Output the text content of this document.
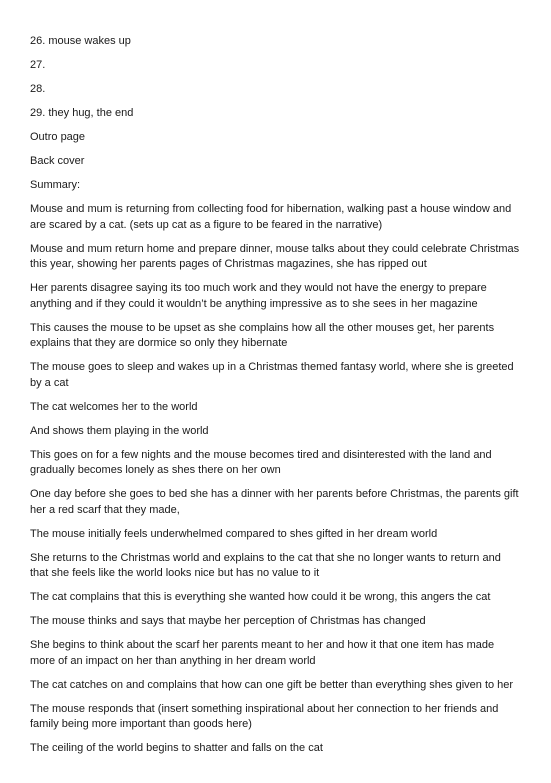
26. mouse wakes up

27.

28.

29. they hug, the end

Outro page

Back cover

Summary:

Mouse and mum is returning from collecting food for hibernation, walking past a house window and are scared by a cat. (sets up cat as a figure to be feared in the narrative)

Mouse and mum return home and prepare dinner, mouse talks about they could celebrate Christmas this year, showing her parents pages of Christmas magazines, she has ripped out

Her parents disagree saying its too much work and they would not have the energy to prepare anything and if they could it wouldn’t be anything impressive as to she sees in her magazine

This causes the mouse to be upset as she complains how all the other mouses get, her parents explains that they are dormice so only they hibernate

The mouse goes to sleep and wakes up in a Christmas themed fantasy world, where she is greeted by a cat

The cat welcomes her to the world

And shows them playing in the world

This goes on for a few nights and the mouse becomes tired and disinterested with the land and gradually becomes lonely as shes there on her own

One day before she goes to bed she has a dinner with her parents before Christmas, the parents gift her a red scarf that they made,

The mouse initially feels underwhelmed compared to shes gifted in her dream world

She returns to the Christmas world and explains to the cat that she no longer wants to return and that she feels like the world looks nice but has no value to it

The cat complains that this is everything she wanted how could it be wrong, this angers the cat

The mouse thinks and says that maybe her perception of Christmas has changed

She begins to think about the scarf her parents meant to her and how it that one item has made more of an impact on her than anything in her dream world

The cat catches on and complains that how can one gift be better than everything shes given to her

The mouse responds that (insert something inspirational about her connection to her friends and family being more important than goods here)

The ceiling of the world begins to shatter and falls on the cat
